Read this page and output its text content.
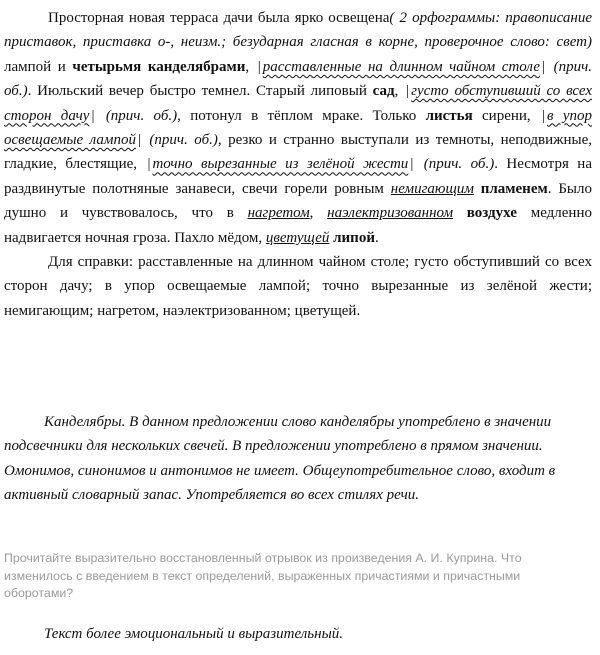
Просторная новая терраса дачи была ярко освещена( 2 орфограммы: правописание приставок, приставка о-, неизм.; безударная гласная в корне, проверочное слово: свет) лампой и четырьмя канделябрами, | расставленные на длинном чайном столе | (прич. об.). Июльский вечер быстро темнел. Старый липовый сад, | густо обступивший со всех сторон дачу | (прич. об.), потонул в тёплом мраке. Только листья сирени, | в упор освещаемые лампой | (прич. об.), резко и странно выступали из темноты, неподвижные, гладкие, блестящие, | точно вырезанные из зелёной жести | (прич. об.). Несмотря на раздвинутые полотняные занавеси, свечи горели ровным немигающим пламенем. Было душно и чувствовалось, что в нагретом, наэлектризованном воздухе медленно надвигается ночная гроза. Пахло мёдом, цветущей липой.

Для справки: расставленные на длинном чайном столе; густо обступивший со всех сторон дачу; в упор освещаемые лампой; точно вырезанные из зелёной жести; немигающим; нагретом, наэлектризованном; цветущей.

Канделябры. В данном предложении слово канделябры употреблено в значении подсвечники для нескольких свечей. В предложении употреблено в прямом значении. Омонимов, синонимов и антонимов не имеет. Общеупотребительное слово, входит в активный словарный запас. Употребляется во всех стилях речи.
Прочитайте выразительно восстановленный отрывок из произведения А. И. Куприна. Что изменилось с введением в текст определений, выраженных причастиями и причастными оборотами?
Текст более эмоциональный и выразительный.
